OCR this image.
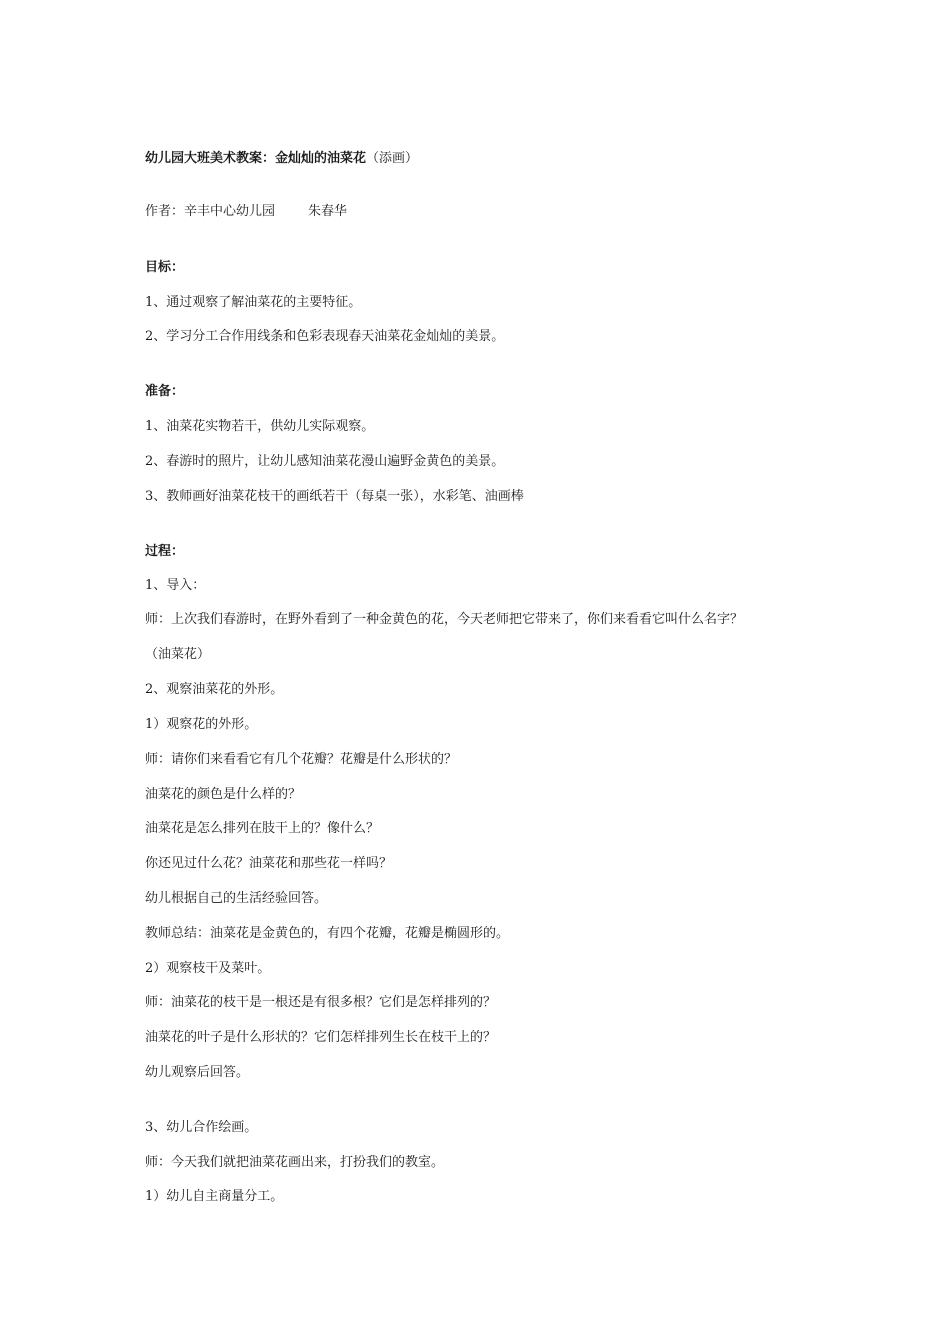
幼儿园大班美术教案：金灿灿的油菜花（添画）
作者：辛丰中心幼儿园	朱春华
目标：
1、通过观察了解油菜花的主要特征。
2、学习分工合作用线条和色彩表现春天油菜花金灿灿的美景。
准备：
1、油菜花实物若干，供幼儿实际观察。
2、春游时的照片，让幼儿感知油菜花漫山遍野金黄色的美景。
3、教师画好油菜花枝干的画纸若干（每桌一张），水彩笔、油画棒
过程：
1、导入：
师：上次我们春游时，在野外看到了一种金黄色的花，今天老师把它带来了，你们来看看它叫什么名字？
（油菜花）
2、观察油菜花的外形。
1）观察花的外形。
师：请你们来看看它有几个花瓣？花瓣是什么形状的？
油菜花的颜色是什么样的？
油菜花是怎么排列在肢干上的？像什么？
你还见过什么花？油菜花和那些花一样吗？
幼儿根据自己的生活经验回答。
教师总结：油菜花是金黄色的，有四个花瓣，花瓣是椭圆形的。
2）观察枝干及菜叶。
师：油菜花的枝干是一根还是有很多根？它们是怎样排列的？
油菜花的叶子是什么形状的？它们怎样排列生长在枝干上的？
幼儿观察后回答。
3、幼儿合作绘画。
师：今天我们就把油菜花画出来，打扮我们的教室。
1）幼儿自主商量分工。
